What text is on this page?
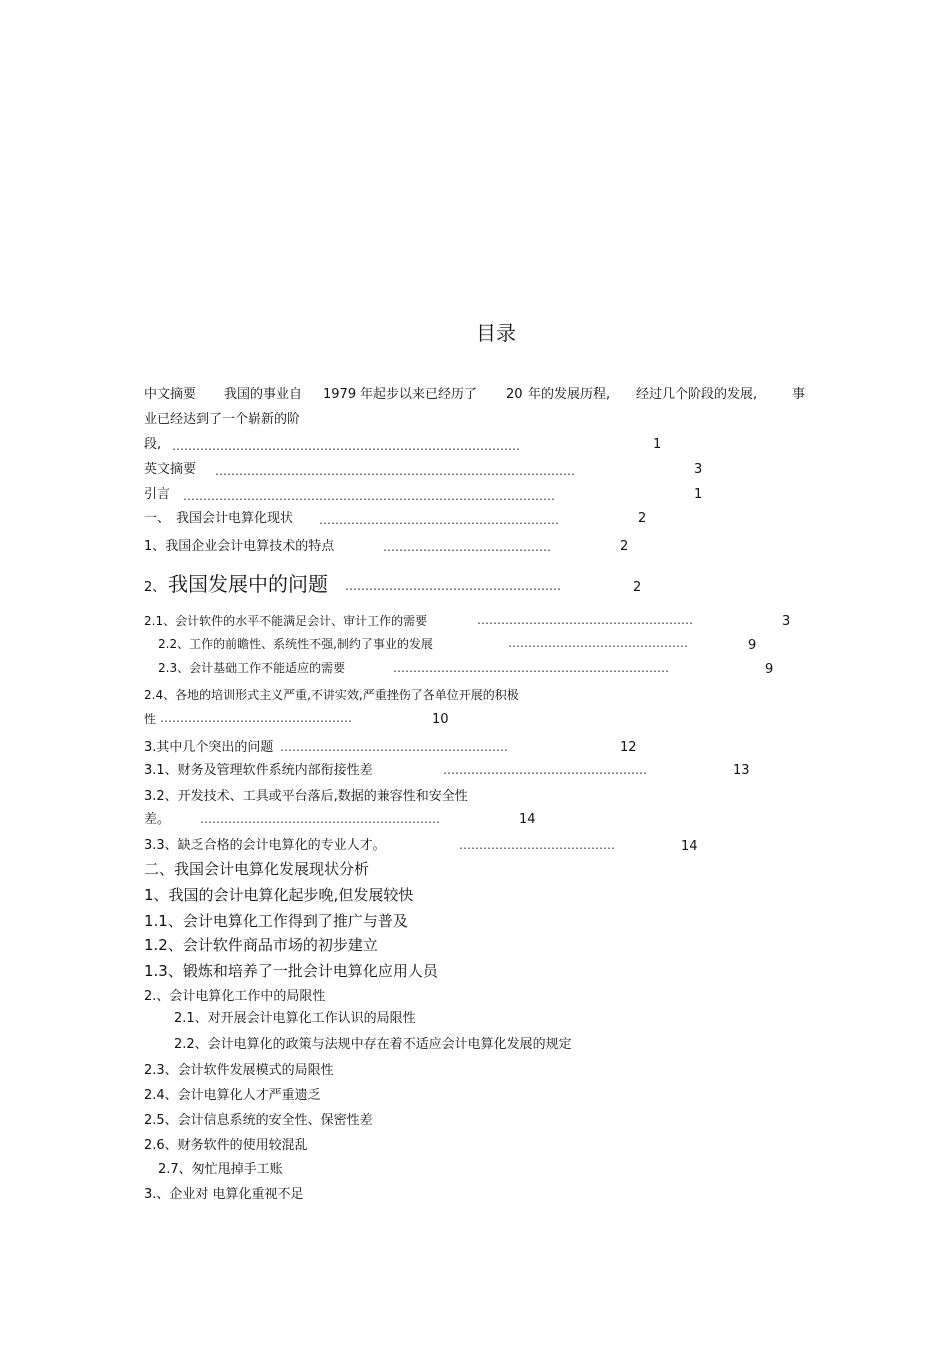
目录
中文摘要 我国的事业自 1979 年起步以来已经历了 20 年的发展历程, 经过几个阶段的发展,	事
业已经达到了一个崭新的阶
段, ……………………………………………………………………………	1
英文摘要 ………………………………………………………………………………	3
引言 …………………………………………………………………………………	1
一、 我国会计电算化现状 ……………………………………………………	2
1、我国企业会计电算技术的特点	……………………………………	2
2、 我国发展中的问题 ………………………………………………	2
2.1、会计软件的水平不能满足会计、审计工作的需要	………………………………………………	3
2.2、工作的前瞻性、系统性不强,制约了事业的发展	………………………………………	9
2.3、会计基础工作不能适应的需要	……………………………………………………………	9
2.4、各地的培训形式主义严重,不讲实效,严重挫伤了各单位开展的积极
性 …………………………………………	10
3.其中几个突出的问题 …………………………………………………	12
3.1、财务及管理软件系统内部衔接性差	……………………………………………	13
3.2、开发技术、工具或平台落后,数据的兼容性和安全性
差。 ……………………………………………………	14
3.3、缺乏合格的会计电算化的专业人才。	…………………………………	14
二、我国会计电算化发展现状分析
1、我国的会计电算化起步晚,但发展较快
1.1、会计电算化工作得到了推广与普及
1.2、会计软件商品市场的初步建立
1.3、锻炼和培养了一批会计电算化应用人员
2.、会计电算化工作中的局限性
2.1、对开展会计电算化工作认识的局限性
2.2、会计电算化的政策与法规中存在着不适应会计电算化发展的规定
2.3、会计软件发展模式的局限性
2.4、会计电算化人才严重遗乏
2.5、会计信息系统的安全性、保密性差
2.6、财务软件的使用较混乱
2.7、匆忙甩掉手工账
3.、企业对 电算化重视不足
